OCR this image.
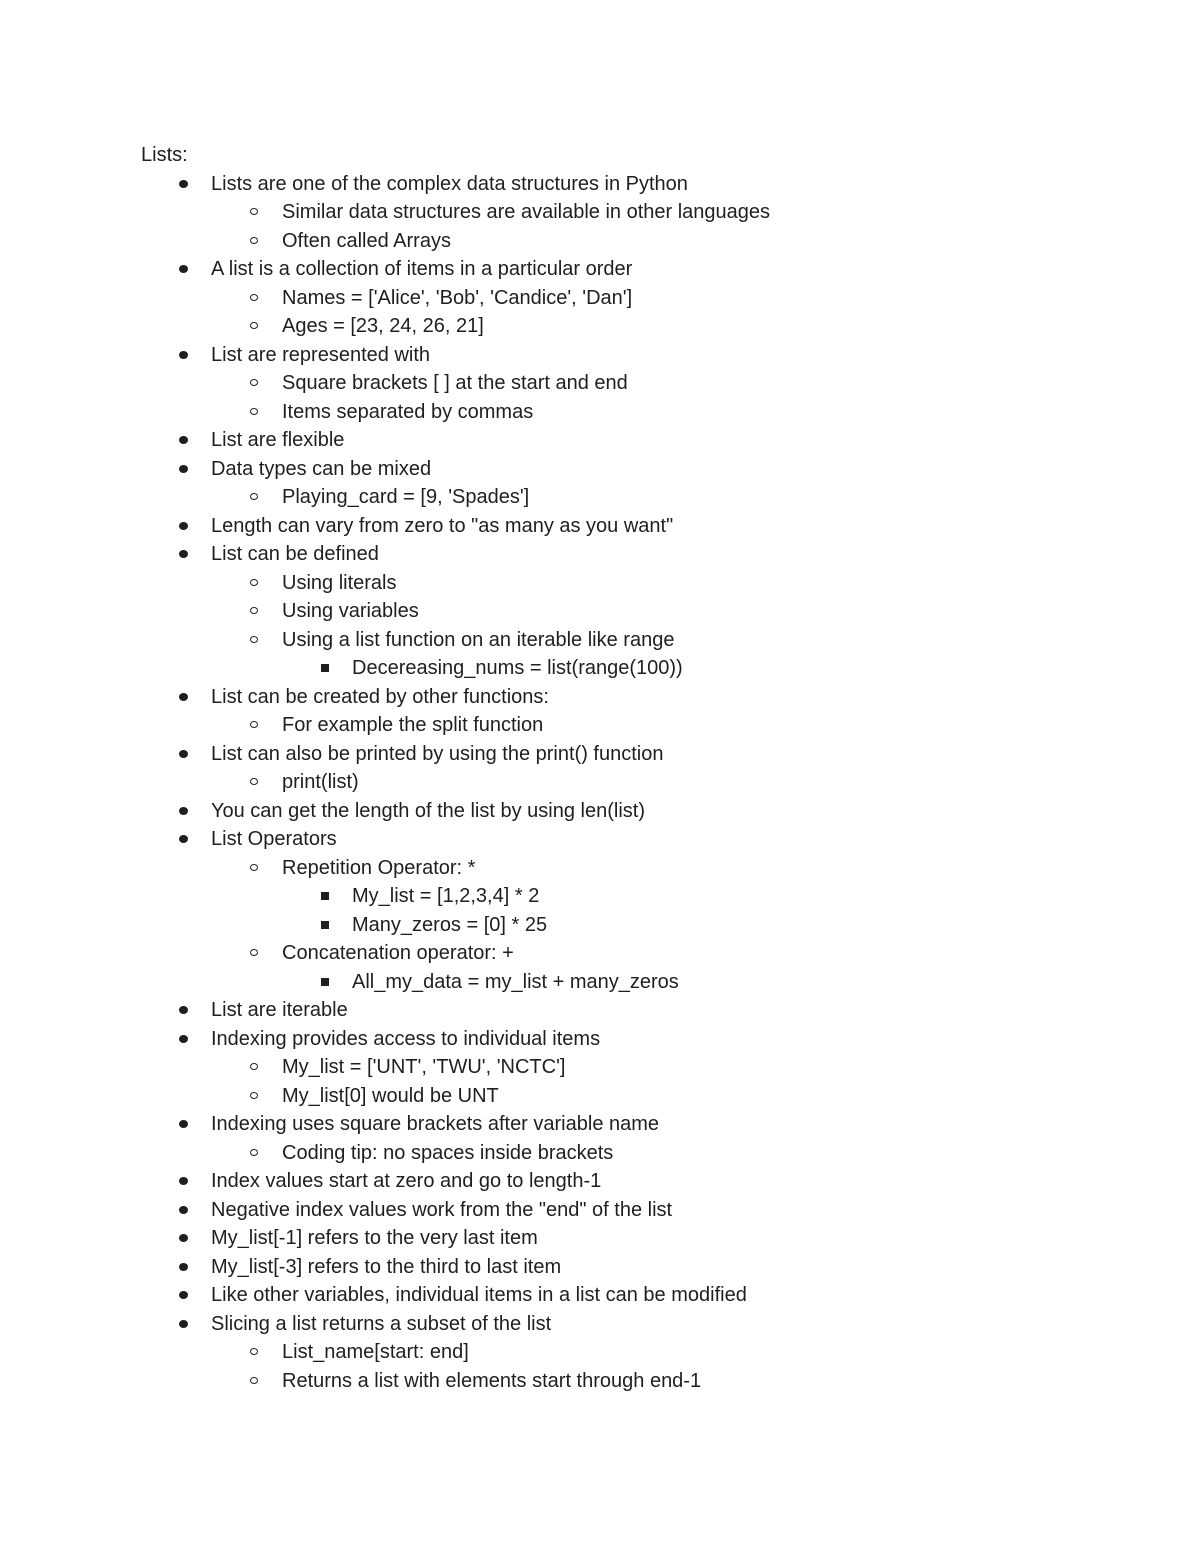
Lists:
Lists are one of the complex data structures in Python
Similar data structures are available in other languages
Often called Arrays
A list is a collection of items in a particular order
Names = ['Alice', 'Bob', 'Candice', 'Dan']
Ages = [23, 24, 26, 21]
List are represented with
Square brackets [ ] at the start and end
Items separated by commas
List are flexible
Data types can be mixed
Playing_card = [9, 'Spades']
Length can vary from zero to "as many as you want"
List can be defined
Using literals
Using variables
Using a list function on an iterable like range
Decereasing_nums = list(range(100))
List can be created by other functions:
For example the split function
List can also be printed by using the print() function
print(list)
You can get the length of the list by using len(list)
List Operators
Repetition Operator: *
My_list = [1,2,3,4] * 2
Many_zeros = [0] * 25
Concatenation operator: +
All_my_data = my_list + many_zeros
List are iterable
Indexing provides access to individual items
My_list = ['UNT', 'TWU', 'NCTC']
My_list[0] would be UNT
Indexing uses square brackets after variable name
Coding tip: no spaces inside brackets
Index values start at zero and go to length-1
Negative index values work from the "end" of the list
My_list[-1] refers to the very last item
My_list[-3] refers to the third to last item
Like other variables, individual items in a list can be modified
Slicing a list returns a subset of the list
List_name[start: end]
Returns a list with elements start through end-1
